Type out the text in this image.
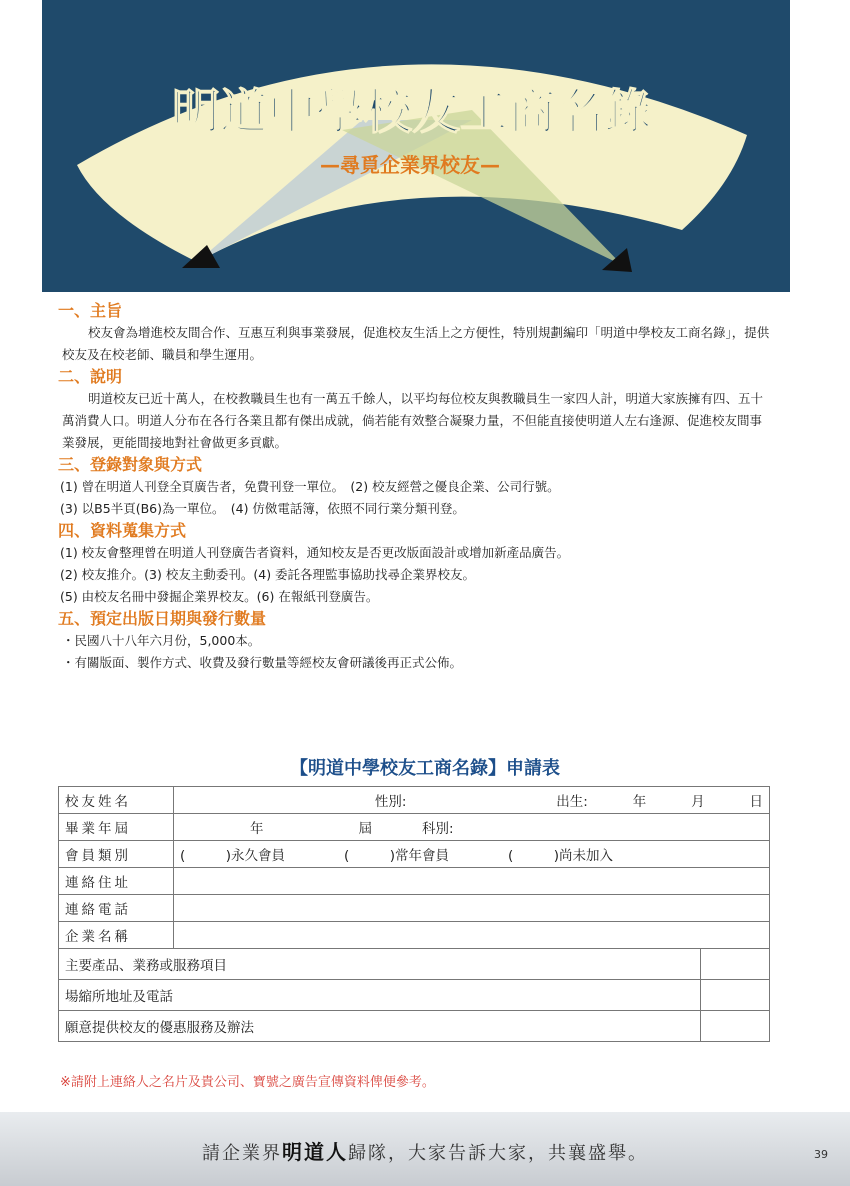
明道中學校友工商名錄
—尋覓企業界校友—

一、主旨

校友會為增進校友間合作、互惠互利與事業發展，促進校友生活上之方便性，特別規劃編印「明道中學校友工商名錄」，提供校友及在校老師、職員和學生運用。

二、說明

明道校友已近十萬人，在校教職員生也有一萬五千餘人，以平均每位校友與教職員生一家四人計，明道大家族擁有四、五十萬消費人口。明道人分布在各行各業且都有傑出成就，倘若能有效整合凝聚力量，不但能直接使明道人左右逢源、促進校友間事業發展，更能間接地對社會做更多貢獻。

三、登錄對象與方式

(1) 曾在明道人刊登全頁廣告者，免費刊登一單位。　(2) 校友經營之優良企業、公司行號。

(3) 以B5半頁(B6)為一單位。　(4) 仿傚電話簿，依照不同行業分類刊登。

四、資料蒐集方式

(1) 校友會整理曾在明道人刊登廣告者資料，通知校友是否更改版面設計或增加新產品廣告。

(2) 校友推介。(3) 校友主動委刊。(4) 委託各理監事協助找尋企業界校友。

(5) 由校友名冊中發掘企業界校友。(6) 在報紙刊登廣告。

五、預定出版日期與發行數量

・民國八十八年六月份，5,000本。

・有關版面、製作方式、收費及發行數量等經校友會研議後再正式公佈。

【明道中學校友工商名錄】申請表
校友姓名	性別: 出生: 年 月 日	

畢業年屆	年 屆 科別:	

會員類別	(　　　)永久會員 (　　　)常年會員 (　　　)尚未加入	

連絡住址		
連絡電話		
企業名稱		
主要產品、業務或服務項目		
場縮所地址及電話		
願意提供校友的優惠服務及辦法		
※請附上連絡人之名片及貴公司、寶號之廣告宣傳資料俾便參考。
請企業界明道人歸隊，大家告訴大家，共襄盛舉。	39
